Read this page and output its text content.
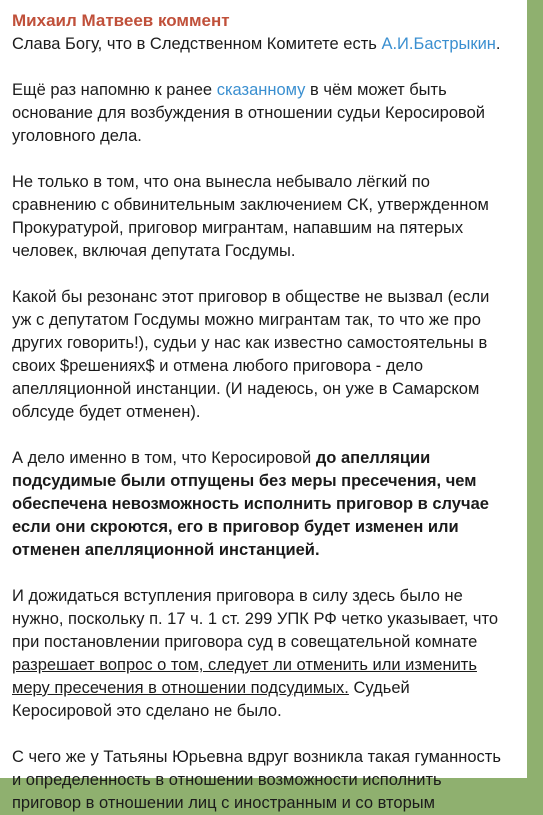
Михаил Матвеев коммент

Слава Богу, что в Следственном Комитете есть А.И.Бастрыкин.

Ещё раз напомню к ранее сказанному в чём может быть
основание для возбуждения в отношении судьи Керосировой
уголовного дела.

Не только в том, что она вынесла небывало лёгкий по
сравнению с обвинительным заключением СК, утвержденном
Прокуратурой, приговор мигрантам, напавшим на пятерых
человек, включая депутата Госдумы.

Какой бы резонанс этот приговор в обществе не вызвал (если
уж с депутатом Госдумы можно мигрантам так, то что же про
других говорить!), судьи у нас как известно самостоятельны в
своих $решениях$ и отмена любого приговора - дело
апелляционной инстанции. (И надеюсь, он уже в Самарском
облсуде будет отменен).

А дело именно в том, что Керосировой до апелляции
подсудимые были отпущены без меры пресечения, чем
обеспечена невозможность исполнить приговор в случае
если они скроются, его в приговор будет изменен или
отменен апелляционной инстанцией.

И дожидаться вступления приговора в силу здесь было не
нужно, поскольку п. 17 ч. 1 ст. 299 УПК РФ четко указывает, что
при постановлении приговора суд в совещательной комнате
разрешает вопрос о том, следует ли отменить или изменить
меру пресечения в отношении подсудимых. Судьей
Керосировой это сделано не было.

С чего же у Татьяны Юрьевна вдруг возникла такая гуманность
и определенность в отношении возможности исполнить
приговор в отношении лиц с иностранным и со вторым
